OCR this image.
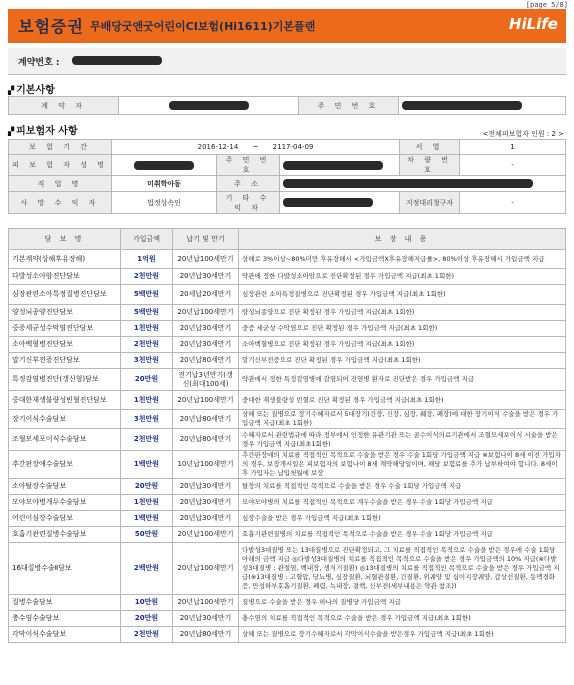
[page 5/8]
보험증권 무배당굿앤굿어린이CI보험(Hi1611)기본플랜	HiLife
계약번호 :
▞ 기본사항
계 약 자		주 민 번 호	
▞ 피보험자 사항	<전체피보험자 인원 : 2 >
보 험 기 간	2016-12-14 ~ 2117-04-09			서 열	1
피 보 험 자 성 명		주 민 번 호		차 량 번 호	-
직 업 명	미취학아동	주 소			
사 망 수 익 자	법정상속인	기 타 수 익 자		지정대리청구자	-
담 보 명	가입금액	납기 및 만기	보 장 내 용
기본계약(상해후유장해)	1억원	20년납100세만기	상해로 3%이상~80%미만 후유장해시 <가입금액X후유장해지급률>, 80%이상 후유장해시 가입금액 지급
다발성소아암진단담보	2천만원	20년납30세만기	약관에 정한 다발성소아암으로 진단확정된 경우 가입금액 지급(최초 1회한)
심장관련소아특정질병진단담보	5백만원	20세납20세만기	심장관련 소아특정질병으로 진단확정된 경우 가입금액 지급(최초 1회한)
양성뇌종양진단담보	5백만원	20년납100세만기	양성뇌종양으로 진단 확정된 경우 가입금액 지급(최초 1회한)
중증세균성수막염진단담보	1천만원	20년납30세만기	중증 세균성 수막염으로 진단 확정된 경우 가입금액 지급(최초 1회한)
소아백혈병진단담보	2천만원	20년납30세만기	소아백혈병으로 진단 확정된 경우 가입금액 지급(최초 1회한)
말기신부전증진단담보	3천만원	20년납80세만기	말기신부전증으로 진단 확정된 경우 가입금액 지급(최초 1회한)
특정감염병진단(갱신형)담보	20만원	전기납3년만기(갱신(최대100세)	약관에서 정한 특정감염병에 감염되어 전염병 환자로 진단받은 경우 가입금액 지급
중대한재생불량성빈혈진단담보	1천만원	20년납100세만기	중대한 재생불량성 빈혈로 진단 확정된 경우 가입금액 지급(최초 1회한)
장기이식수술담보	3천만원	20년납80세만기	상해 또는 질병으로 장기수혜자로서 5대장기(간장, 신장, 심장, 췌장, 폐장)에 대한 장기이식 수술을 받은 경우 가입금액 지급(최초 1회한)
조혈모세포이식수술담보	2천만원	20년납80세만기	수혜자로서 관련법규에 따라 정부에서 인정한 유관기관 또는 골수이식의료기관에서 조혈모세포이식 시술을 받은 경우 가입금액 지급(최초1회한)
추간판장애수술담보	1백만원	10년납100세만기	추간판장애의 치료를 직접적인 목적으로 수술을 받은 경우 수술 1회당 가입금액 지급 ※보험나이 8세 이전 가입자의 경우, 보장개시일은 피보험자의 보험나이 8세 계약해당일이며, 해당 보험료를 추가 납부하여야 합니다. 8세이후 가입자는 납입첫월에 보장
소아탈장수술담보	20만원	20년납30세만기	탈장의 치료를 직접적인 목적으로 수술을 받은 경우 수술 1회당 가입금액 지급
모야모야병개두수술담보	1천만원	20년납30세만기	모야모야병의 치료를 직접적인 목적으로 개두수술을 받은 경우 수술 1회당 가입금액 지급
어린이심장수술담보	1백만원	20년납30세만기	심장수술을 받은 경우 가입금액 지급(최초 1회한)
호흡기관련질병수술담보	50만원	20년납100세만기	호흡기관련질병의 치료를 직접적인 목적으로 수술을 받은 경우 수술 1회당 가입금액 지급
16대질병수술Ⅱ담보	2백만원	20년납100세만기	다발성3대질병 또는 13대질병으로 진단확정되고, 그 치료를 직접적인 목적으로 수술을 받은 경우에 수술 1회당 아래의 금액 지급 ◎다발성3대질병의 치료를 직접적인 목적으로 수술을 받은 경우 가입금액의 10% 지급(※다발성3대질병 : 관절염, 백내장, 생식기질환) ◎13대질병의 치료를 직접적인 목적으로 수술을 받은 경우 가입금액 지급(※13대질병 : 고혈압, 당뇨병, 심장질환, 뇌혈관질환, 간질환, 위궤양 및 십이지장궤양, 갑상선질환, 동맥경화증, 만성하부호흡기질환, 폐렴, 녹내장, 결핵, 신부전(세부내용은 약관 참조))
질병수술담보	10만원	20년납100세만기	질병으로 수술을 받은 경우 하나의 질병당 가입금액 지급
충수염수술담보	20만원	20년납30세만기	충수염의 치료를 직접적인 목적으로 수술을 받은 경우 가입금액 지급(최초 1회한)
각막이식수술담보	2천만원	20년납80세만기	상해 또는 질병으로 장기수혜자로서 각막이식수술을 받은경우 가입금액 지급(최초 1회한)
